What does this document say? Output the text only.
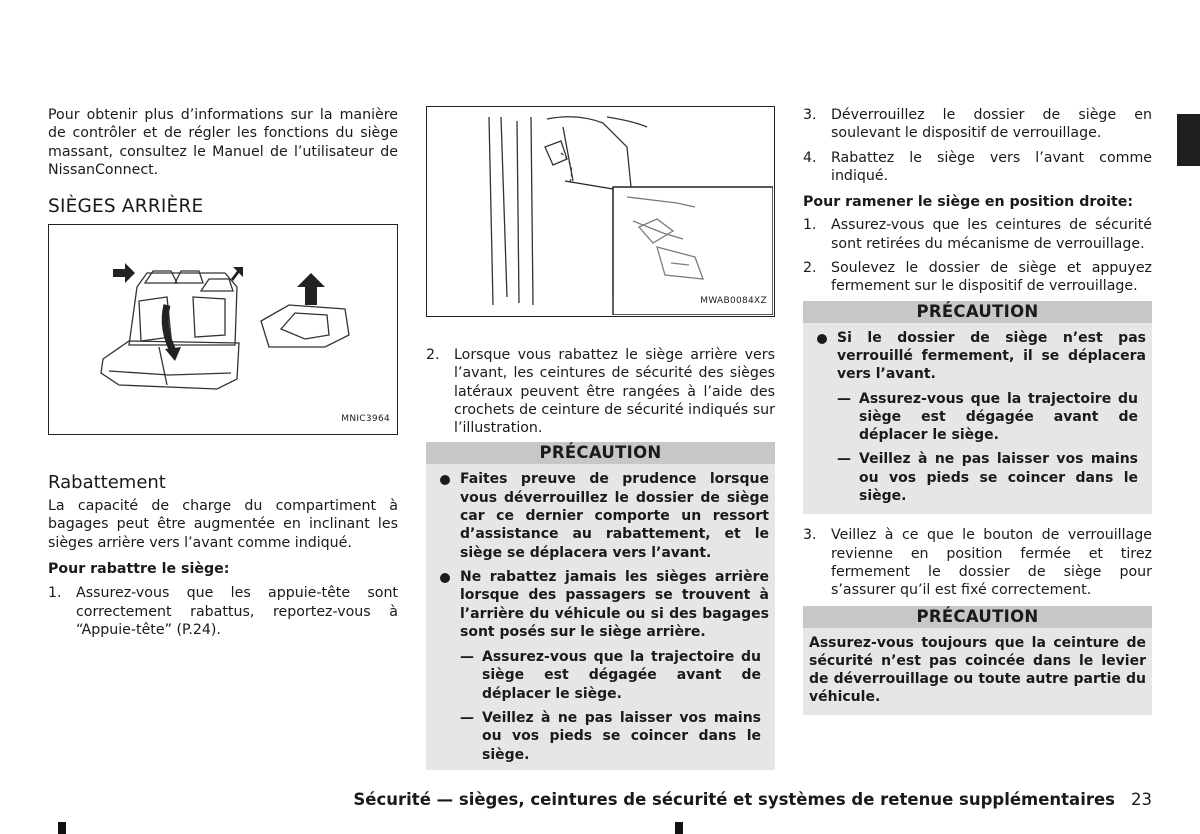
Pour obtenir plus d’informations sur la manière de contrôler et de régler les fonctions du siège massant, consultez le Manuel de l’utilisateur de NissanConnect.

SIÈGES ARRIÈRE
MNIC3964
Rabattement

La capacité de charge du compartiment à bagages peut être augmentée en inclinant les sièges arrière vers l’avant comme indiqué.

Pour rabattre le siège:

1. Assurez-vous que les appuie-tête sont correctement rabattus, reportez-vous à “Appuie-tête” (P.24).
MWAB0084XZ
2. Lorsque vous rabattez le siège arrière vers l’avant, les ceintures de sécurité des sièges latéraux peuvent être rangées à l’aide des crochets de ceinture de sécurité indiqués sur l’illustration.
PRÉCAUTION
Faites preuve de prudence lorsque vous déverrouillez le dossier de siège car ce dernier comporte un ressort d’assistance au rabattement, et le siège se déplacera vers l’avant.
Ne rabattez jamais les sièges arrière lorsque des passagers se trouvent à l’arrière du véhicule ou si des bagages sont posés sur le siège arrière.
— Assurez-vous que la trajectoire du siège est dégagée avant de déplacer le siège.
— Veillez à ne pas laisser vos mains ou vos pieds se coincer dans le siège.
3. Déverrouillez le dossier de siège en soulevant le dispositif de verrouillage.
4. Rabattez le siège vers l’avant comme indiqué.

Pour ramener le siège en position droite:

1. Assurez-vous que les ceintures de sécurité sont retirées du mécanisme de verrouillage.
2. Soulevez le dossier de siège et appuyez fermement sur le dispositif de verrouillage.
PRÉCAUTION
Si le dossier de siège n’est pas verrouillé fermement, il se déplacera vers l’avant.
— Assurez-vous que la trajectoire du siège est dégagée avant de déplacer le siège.
— Veillez à ne pas laisser vos mains ou vos pieds se coincer dans le siège.
3. Veillez à ce que le bouton de verrouillage revienne en position fermée et tirez fermement le dossier de siège pour s’assurer qu’il est fixé correctement.
PRÉCAUTION
Assurez-vous toujours que la ceinture de sécurité n’est pas coincée dans le levier de déverrouillage ou toute autre partie du véhicule.
Sécurité — sièges, ceintures de sécurité et systèmes de retenue supplémentaires 23
